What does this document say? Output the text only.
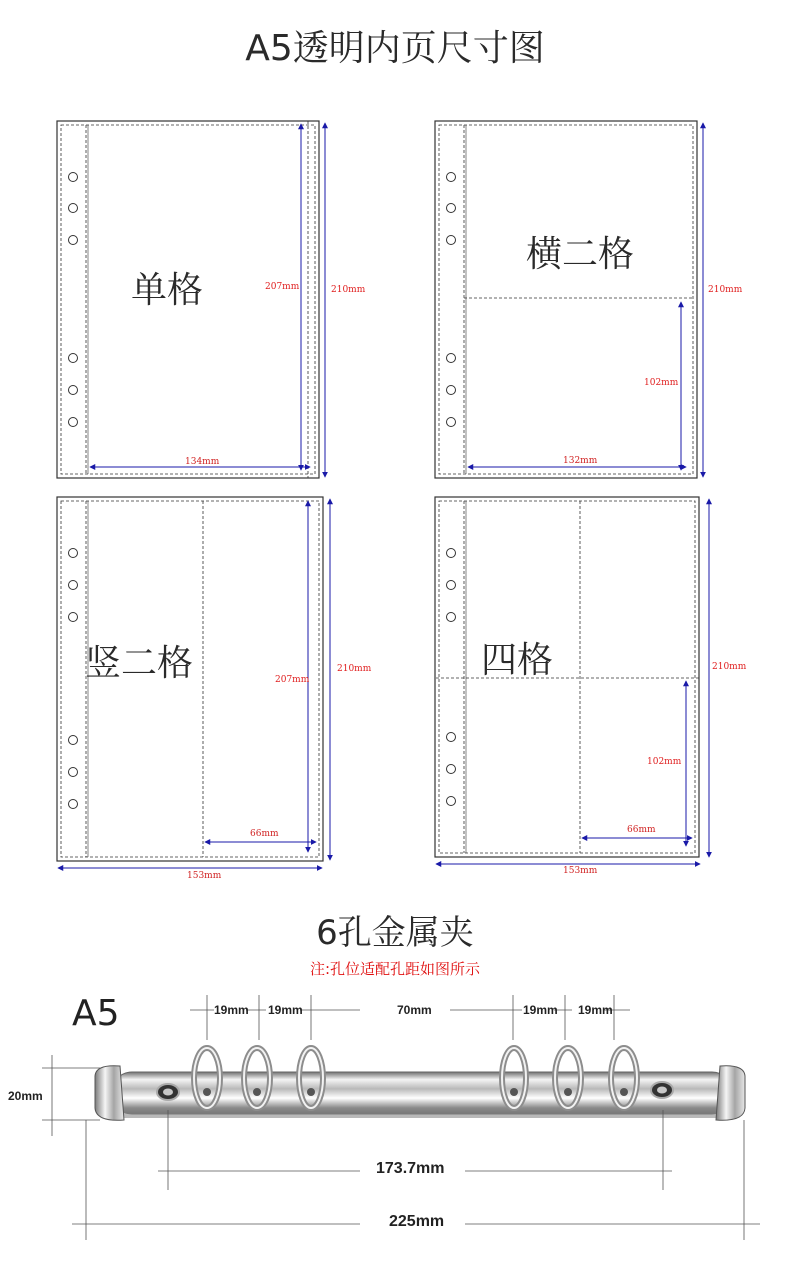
A5透明内页尺寸图
单格
横二格
竖二格	四格
207mm	210mm
134mm
210mm
102mm
132mm
207mm
210mm
66mm
153mm
210mm
102mm
66mm
153mm
6孔金属夹
注:孔位适配孔距如图所示
A5	19mm 19mm	70mm	19mm 19mm
20mm
173.7mm
225mm
